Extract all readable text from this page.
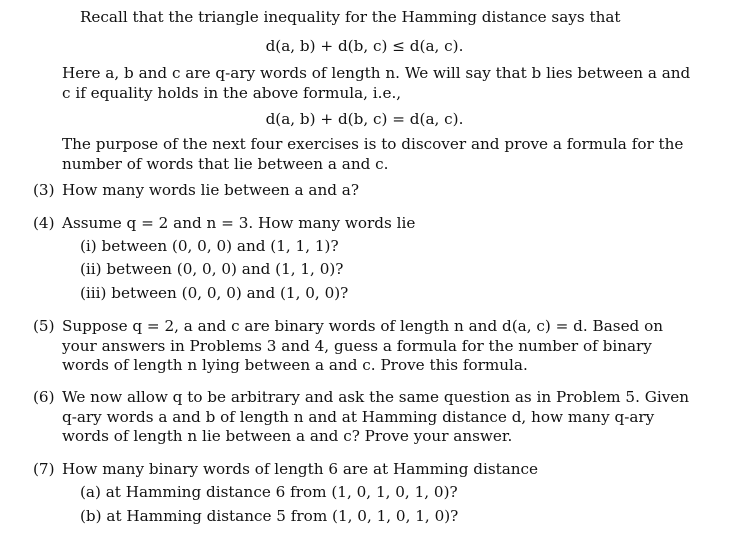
Recall that the triangle inequality for the Hamming distance says that

d(a, b) + d(b, c) ≤ d(a, c).

Here a, b and c are q-ary words of length n. We will say that b lies between a and c if equality holds in the above formula, i.e.,

d(a, b) + d(b, c) = d(a, c).

The purpose of the next four exercises is to discover and prove a formula for the number of words that lie between a and c.

(3) How many words lie between a and a?

(4) Assume q = 2 and n = 3. How many words lie

(i) between (0, 0, 0) and (1, 1, 1)?
(ii) between (0, 0, 0) and (1, 1, 0)?
(iii) between (0, 0, 0) and (1, 0, 0)?
(5) Suppose q = 2, a and c are binary words of length n and d(a, c) = d. Based on your answers in Problems 3 and 4, guess a formula for the number of binary words of length n lying between a and c. Prove this formula.

(6) We now allow q to be arbitrary and ask the same question as in Problem 5. Given q-ary words a and b of length n and at Hamming distance d, how many q-ary words of length n lie between a and c? Prove your answer.

(7) How many binary words of length 6 are at Hamming distance

(a) at Hamming distance 6 from (1, 0, 1, 0, 1, 0)?
(b) at Hamming distance 5 from (1, 0, 1, 0, 1, 0)?
